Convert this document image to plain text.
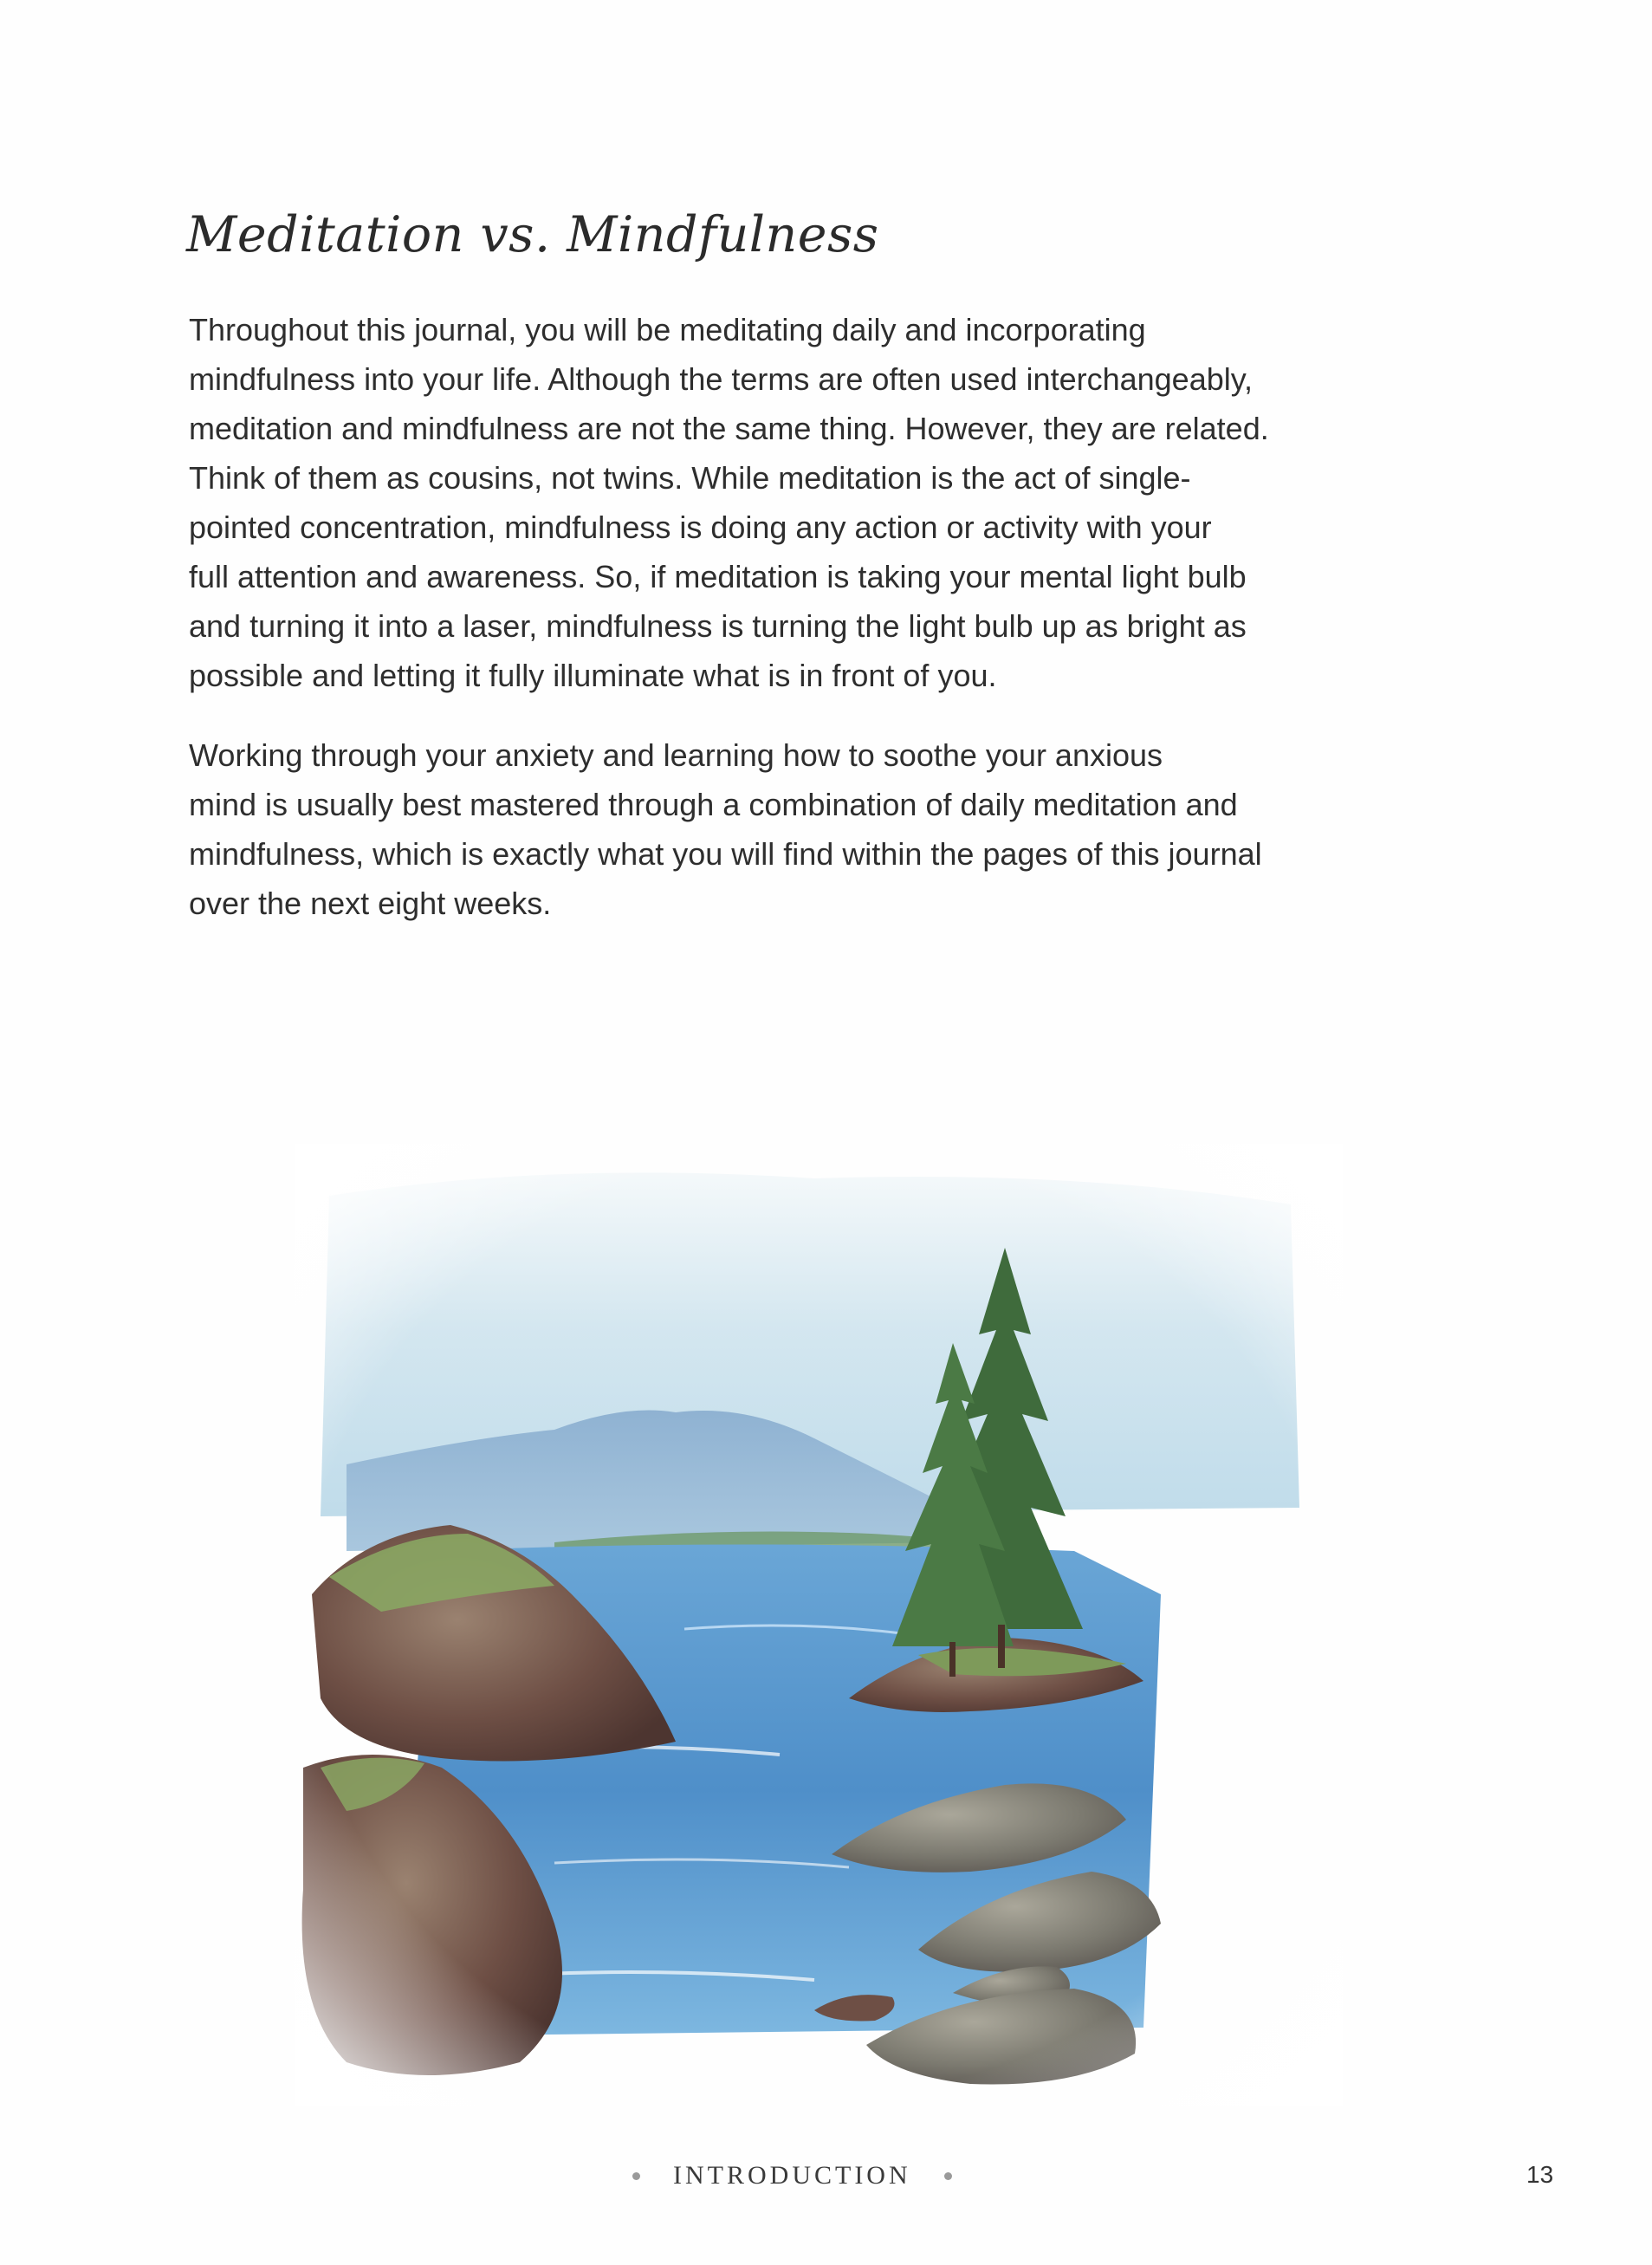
Meditation vs. Mindfulness

Throughout this journal, you will be meditating daily and incorporating
mindfulness into your life. Although the terms are often used interchangeably,
meditation and mindfulness are not the same thing. However, they are related.
Think of them as cousins, not twins. While meditation is the act of single-
pointed concentration, mindfulness is doing any action or activity with your
full attention and awareness. So, if meditation is taking your mental light bulb
and turning it into a laser, mindfulness is turning the light bulb up as bright as
possible and letting it fully illuminate what is in front of you.

Working through your anxiety and learning how to soothe your anxious
mind is usually best mastered through a combination of daily meditation and
mindfulness, which is exactly what you will find within the pages of this journal
over the next eight weeks.

INTRODUCTION	13
